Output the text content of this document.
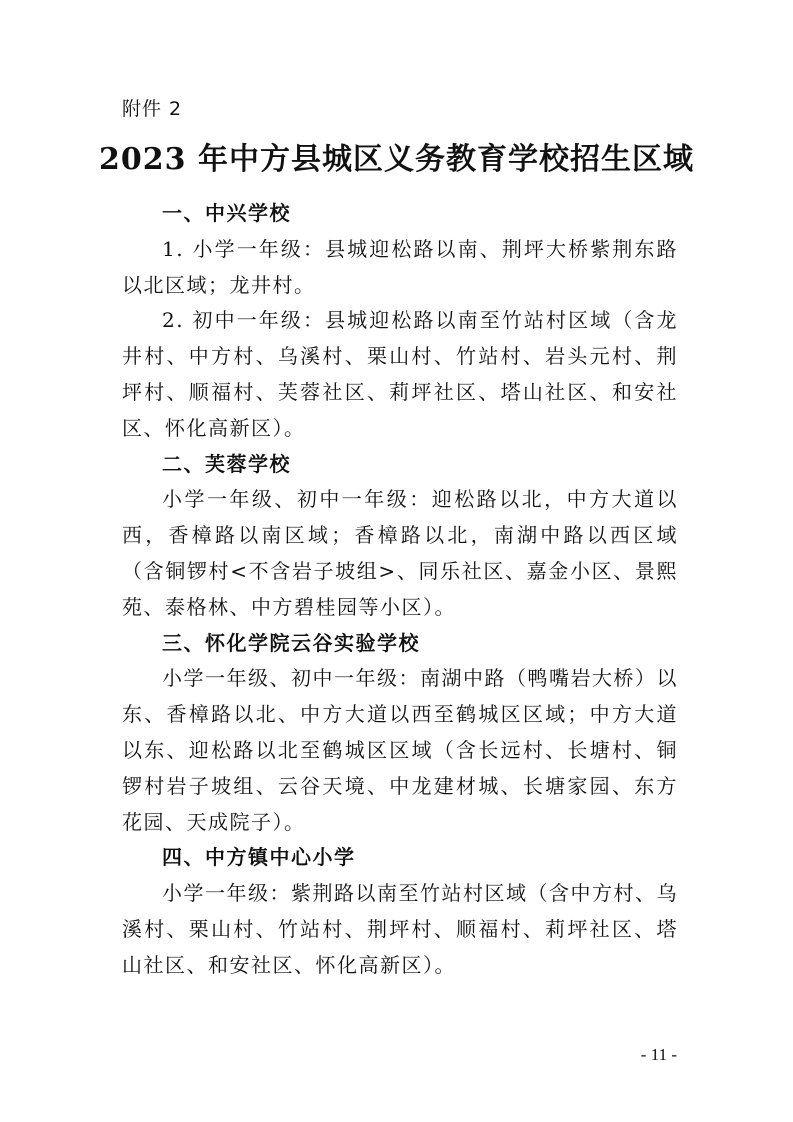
附件 2
2023 年中方县城区义务教育学校招生区域

一、中兴学校

1. 小学一年级：县城迎松路以南、荆坪大桥紫荆东路以北区域；龙井村。

2. 初中一年级：县城迎松路以南至竹站村区域（含龙井村、中方村、乌溪村、栗山村、竹站村、岩头元村、荆坪村、顺福村、芙蓉社区、莉坪社区、塔山社区、和安社区、怀化高新区）。

二、芙蓉学校

小学一年级、初中一年级：迎松路以北，中方大道以西，香樟路以南区域；香樟路以北，南湖中路以西区域（含铜锣村<不含岩子坡组>、同乐社区、嘉金小区、景熙苑、泰格林、中方碧桂园等小区）。

三、怀化学院云谷实验学校

小学一年级、初中一年级：南湖中路（鸭嘴岩大桥）以东、香樟路以北、中方大道以西至鹤城区区域；中方大道以东、迎松路以北至鹤城区区域（含长远村、长塘村、铜锣村岩子坡组、云谷天境、中龙建材城、长塘家园、东方花园、天成院子）。

四、中方镇中心小学

小学一年级：紫荆路以南至竹站村区域（含中方村、乌溪村、栗山村、竹站村、荆坪村、顺福村、莉坪社区、塔山社区、和安社区、怀化高新区）。

- 11 -
